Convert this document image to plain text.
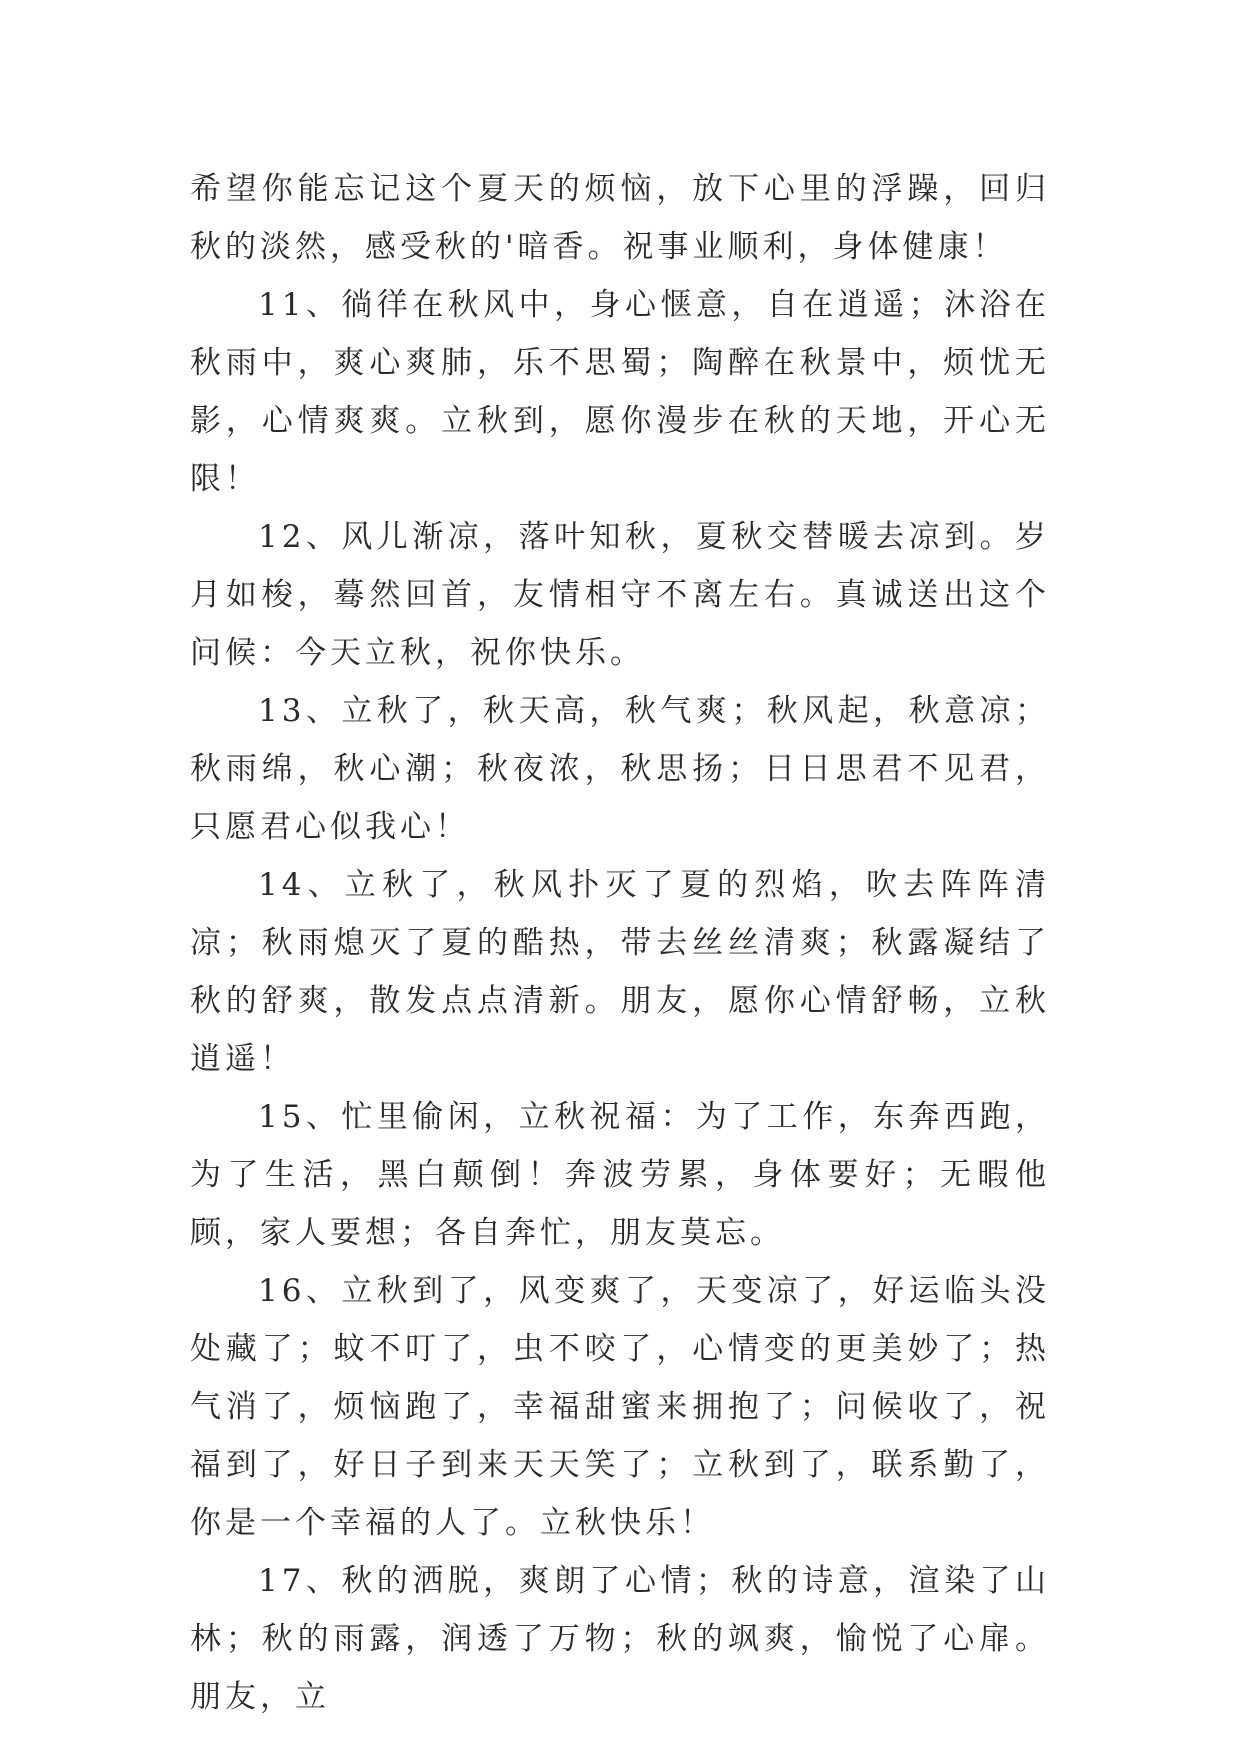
希望你能忘记这个夏天的烦恼，放下心里的浮躁，回归秋的淡然，感受秋的'暗香。祝事业顺利，身体健康！

11、徜徉在秋风中，身心惬意，自在逍遥；沐浴在秋雨中，爽心爽肺，乐不思蜀；陶醉在秋景中，烦忧无影，心情爽爽。立秋到，愿你漫步在秋的天地，开心无限！

12、风儿渐凉，落叶知秋，夏秋交替暖去凉到。岁月如梭，蓦然回首，友情相守不离左右。真诚送出这个问候：今天立秋，祝你快乐。

13、立秋了，秋天高，秋气爽；秋风起，秋意凉；秋雨绵，秋心潮；秋夜浓，秋思扬；日日思君不见君，只愿君心似我心！

14、立秋了，秋风扑灭了夏的烈焰，吹去阵阵清凉；秋雨熄灭了夏的酷热，带去丝丝清爽；秋露凝结了秋的舒爽，散发点点清新。朋友，愿你心情舒畅，立秋逍遥！

15、忙里偷闲，立秋祝福：为了工作，东奔西跑，为了生活，黑白颠倒！奔波劳累，身体要好；无暇他顾，家人要想；各自奔忙，朋友莫忘。

16、立秋到了，风变爽了，天变凉了，好运临头没处藏了；蚊不叮了，虫不咬了，心情变的更美妙了；热气消了，烦恼跑了，幸福甜蜜来拥抱了；问候收了，祝福到了，好日子到来天天笑了；立秋到了，联系勤了，你是一个幸福的人了。立秋快乐！

17、秋的洒脱，爽朗了心情；秋的诗意，渲染了山林；秋的雨露，润透了万物；秋的飒爽，愉悦了心扉。朋友，立
